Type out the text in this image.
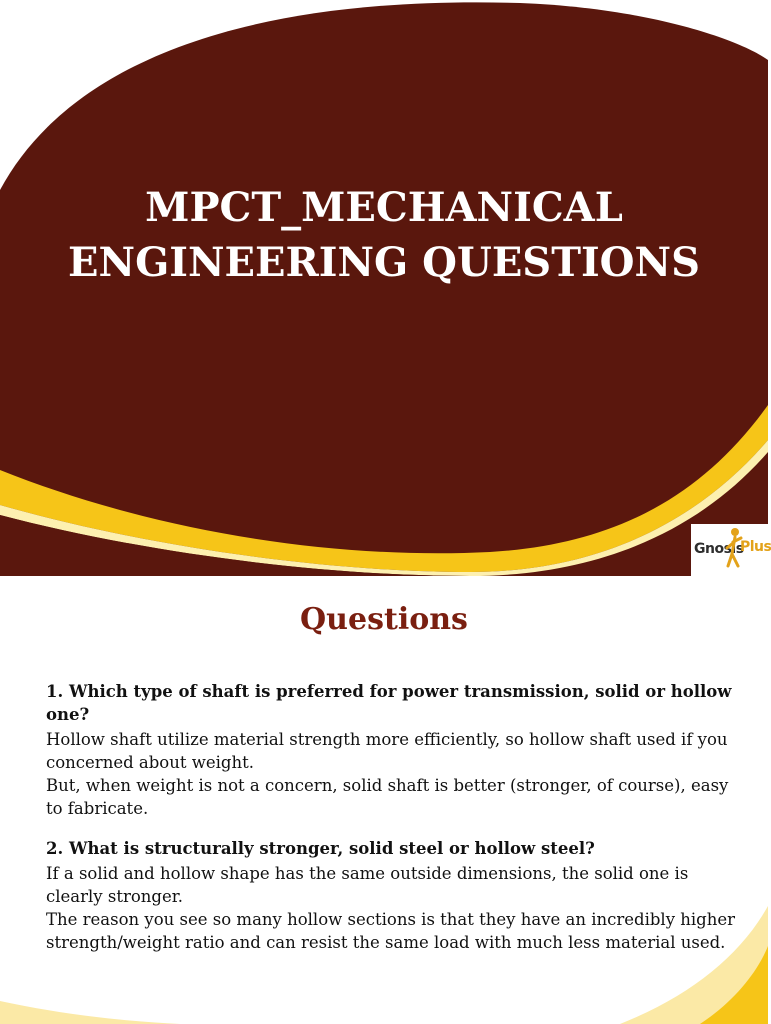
MPCT_MECHANICAL
ENGINEERING QUESTIONS
Gnosis
Plus
Questions

1. Which type of shaft is preferred for power transmission, solid or hollow one?

Hollow shaft utilize material strength more efficiently, so hollow shaft used if you concerned about weight.
But, when weight is not a concern, solid shaft is better (stronger, of course), easy to fabricate.

2. What is structurally stronger, solid steel or hollow steel?

If a solid and hollow shape has the same outside dimensions, the solid one is clearly stronger.
The reason you see so many hollow sections is that they have an incredibly higher strength/weight ratio and can resist the same load with much less material used.
